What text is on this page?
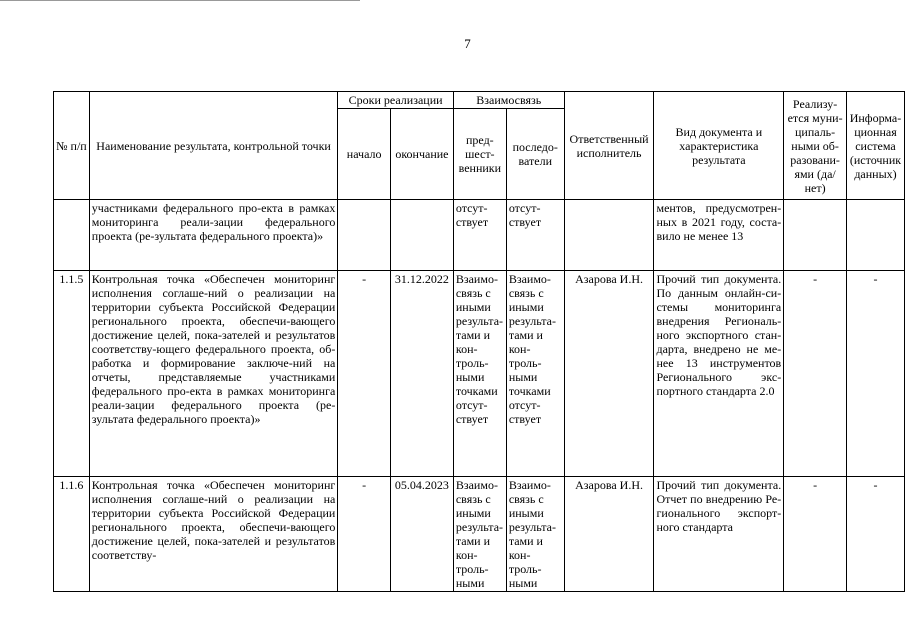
7
№ п/п	Наименование результата, контрольной точки	Сроки реализации		Взаимосвязь		Ответственный исполнитель	Вид документа и характеристика результата	Реализу-ется муни-ципаль-ными об-разовани-ями (да/нет)	Информа-ционная система (источник данных)
		начало	окончание	пред-шест-венники	последо-ватели				
	участниками федерального про-екта в рамках мониторинга реали-зации федерального проекта (ре-зультата федерального проекта)»			отсут-ствует	отсут-ствует		ментов, предусмотрен-ных в 2021 году, соста-вило не менее 13		
1.1.5	Контрольная точка «Обеспечен мониторинг исполнения соглаше-ний о реализации на территории субъекта Российской Федерации регионального проекта, обеспечи-вающего достижение целей, пока-зателей и результатов соответству-ющего федерального проекта, об-работка и формирование заключе-ний на отчеты, представляемые участниками федерального про-екта в рамках мониторинга реали-зации федерального проекта (ре-зультата федерального проекта)»	-	31.12.2022	Взаимо-связь с иными результа-тами и кон-троль-ными точками отсут-ствует	Взаимо-связь с иными результа-тами и кон-троль-ными точками отсут-ствует	Азарова И.Н.	Прочий тип документа. По данным онлайн-си-стемы мониторинга внедрения Региональ-ного экспортного стан-дарта, внедрено не ме-нее 13 инструментов Регионального экс-портного стандарта 2.0	-	-
1.1.6	Контрольная точка «Обеспечен мониторинг исполнения соглаше-ний о реализации на территории субъекта Российской Федерации регионального проекта, обеспечи-вающего достижение целей, пока-зателей и результатов соответству-	-	05.04.2023	Взаимо-связь с иными результа-тами и кон-троль-ными	Взаимо-связь с иными результа-тами и кон-троль-ными	Азарова И.Н.	Прочий тип документа. Отчет по внедрению Ре-гионального экспорт-ного стандарта	-	-
